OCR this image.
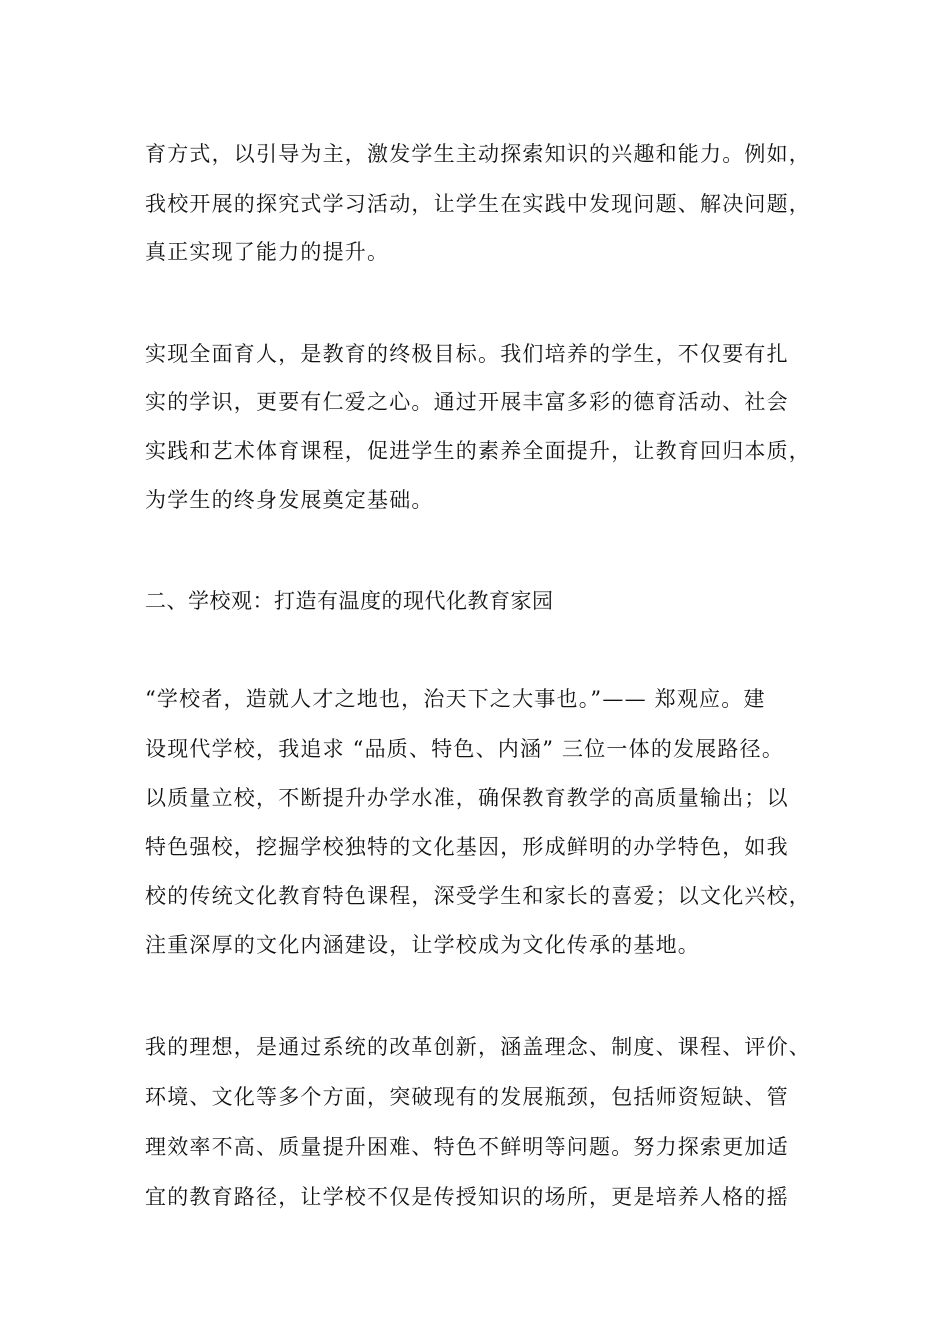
育方式，以引导为主，激发学生主动探索知识的兴趣和能力。例如，
我校开展的探究式学习活动，让学生在实践中发现问题、解决问题，
真正实现了能力的提升。
实现全面育人，是教育的终极目标。我们培养的学生，不仅要有扎
实的学识，更要有仁爱之心。通过开展丰富多彩的德育活动、社会
实践和艺术体育课程，促进学生的素养全面提升，让教育回归本质，
为学生的终身发展奠定基础。
二、学校观：打造有温度的现代化教育家园
“学校者，造就人才之地也，治天下之大事也。”—— 郑观应。建
设现代学校，我追求 “品质、特色、内涵” 三位一体的发展路径。
以质量立校，不断提升办学水准，确保教育教学的高质量输出；以
特色强校，挖掘学校独特的文化基因，形成鲜明的办学特色，如我
校的传统文化教育特色课程，深受学生和家长的喜爱；以文化兴校，
注重深厚的文化内涵建设，让学校成为文化传承的基地。
我的理想，是通过系统的改革创新，涵盖理念、制度、课程、评价、
环境、文化等多个方面，突破现有的发展瓶颈，包括师资短缺、管
理效率不高、质量提升困难、特色不鲜明等问题。努力探索更加适
宜的教育路径，让学校不仅是传授知识的场所，更是培养人格的摇
